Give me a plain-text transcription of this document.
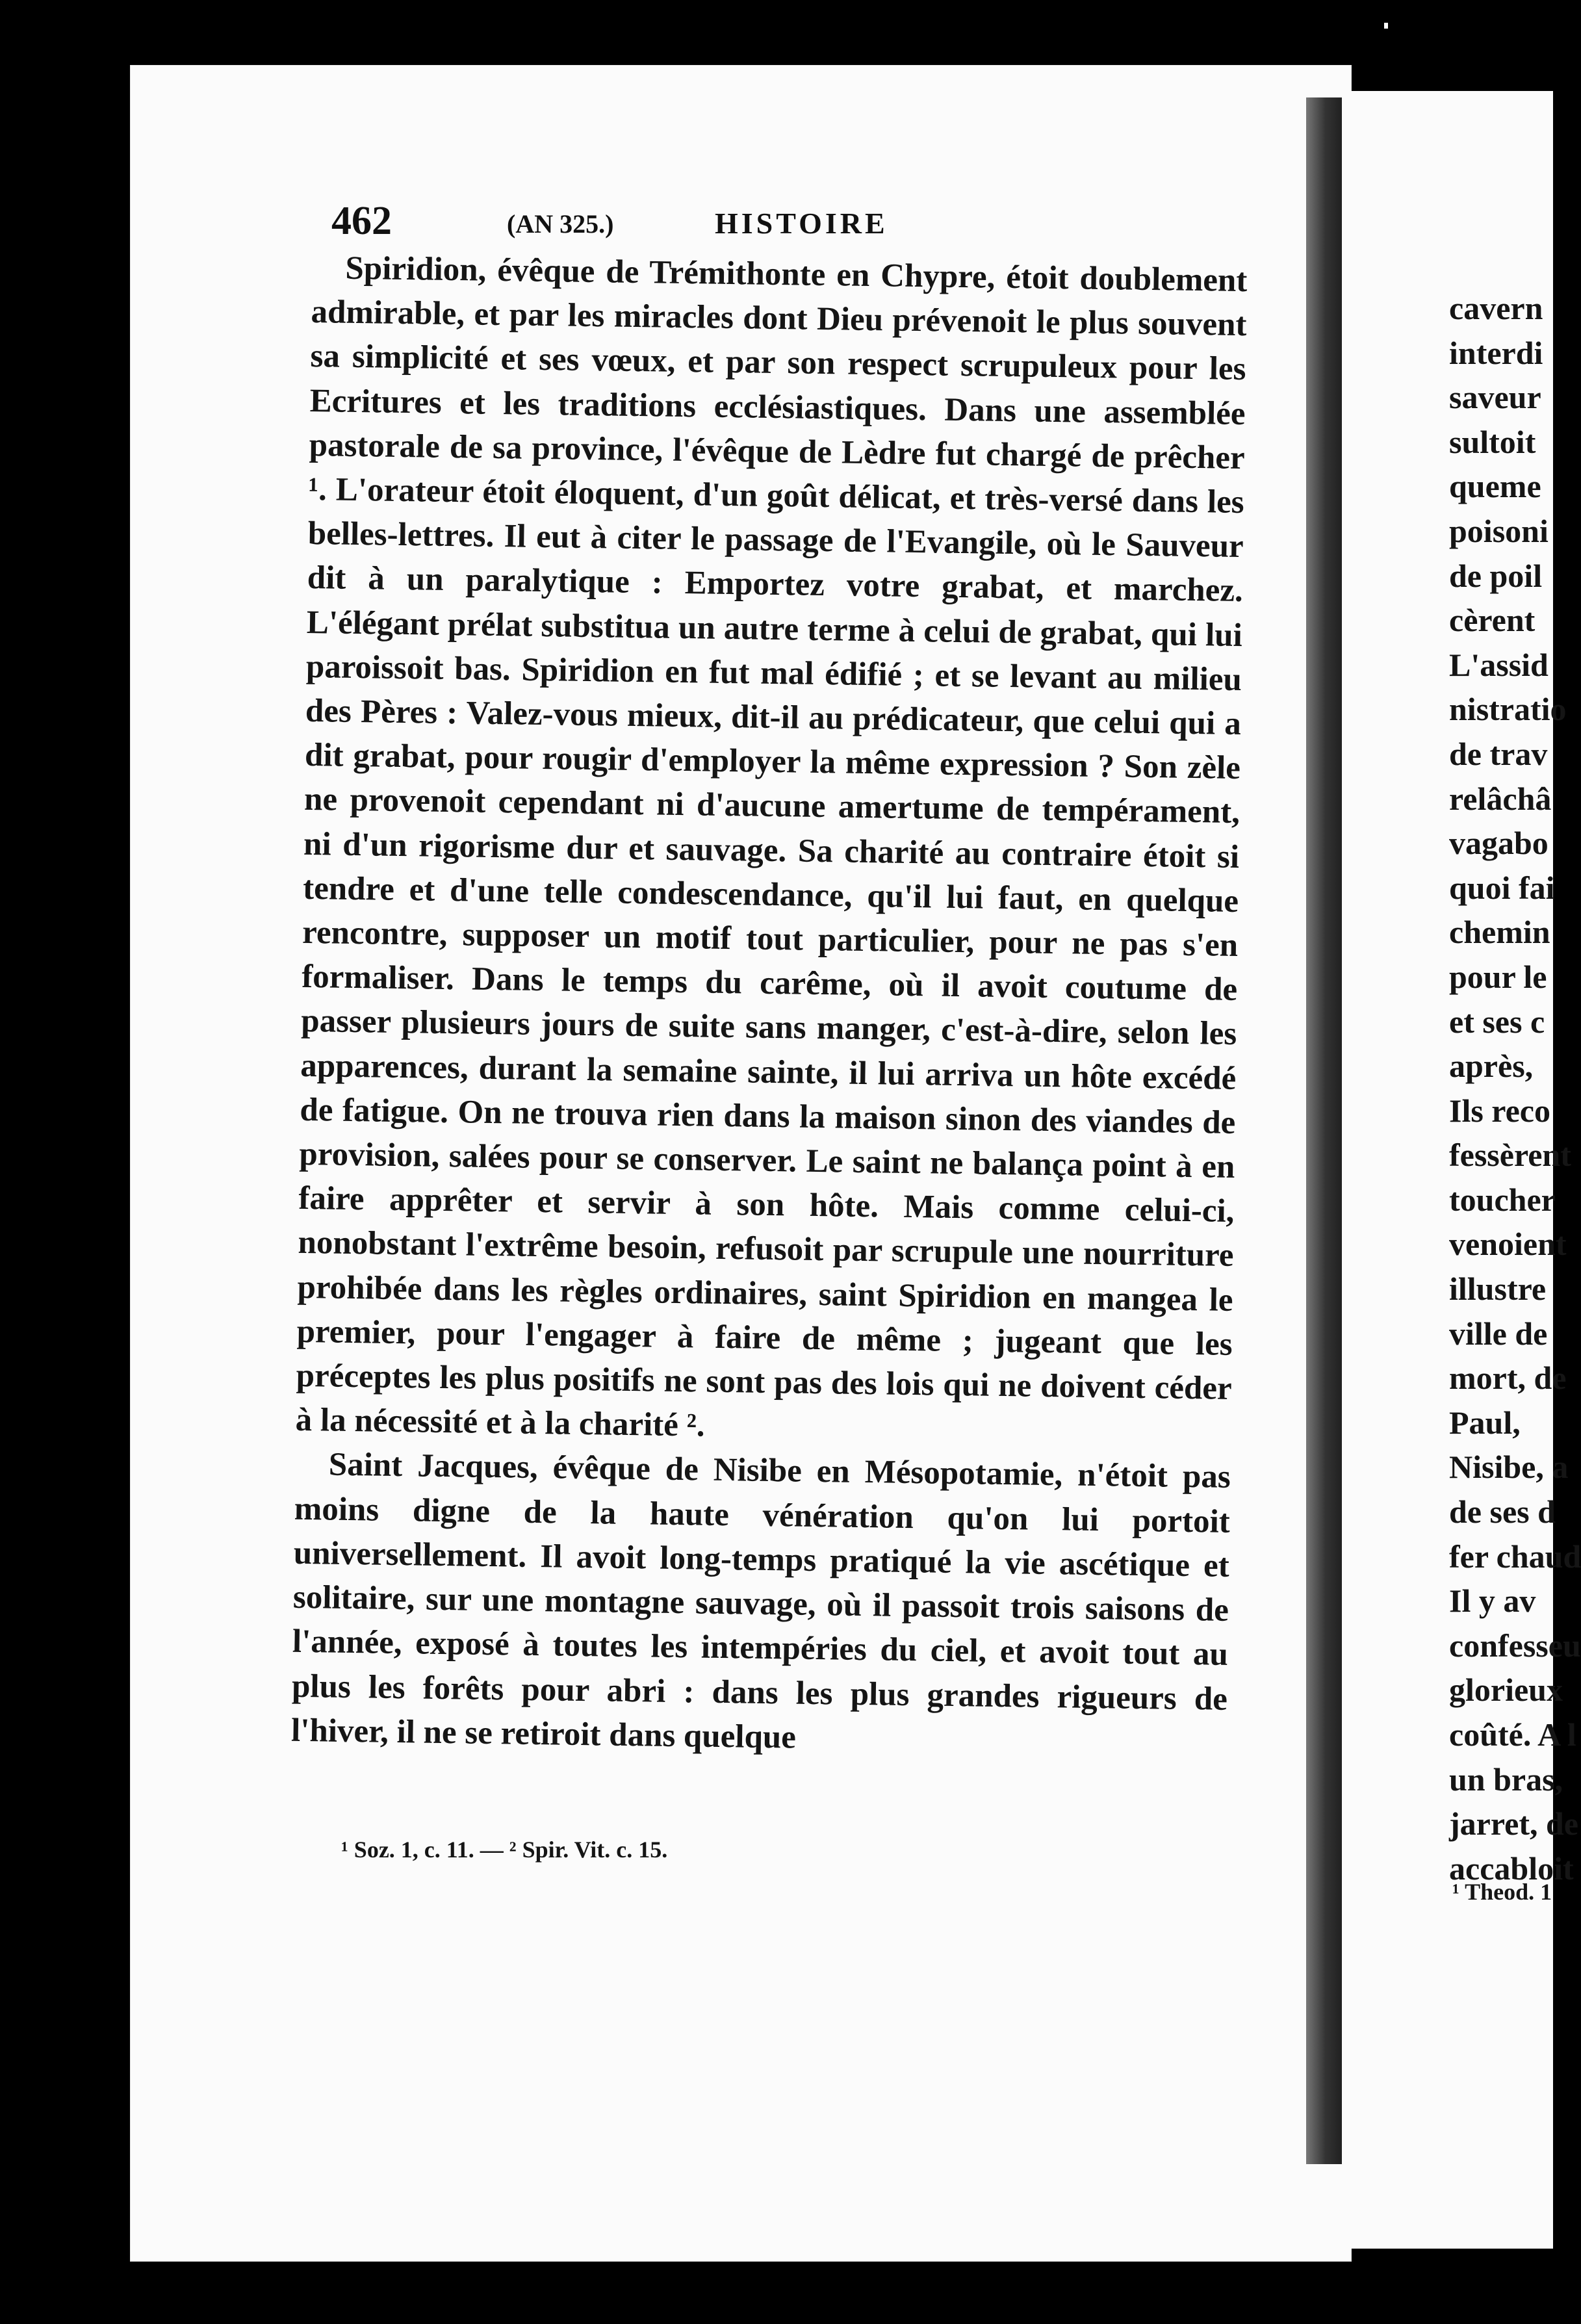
462	(AN 325.)	HISTOIRE

Spiridion, évêque de Trémithonte en Chypre, étoit doublement admirable, et par les miracles dont Dieu prévenoit le plus souvent sa simplicité et ses vœux, et par son respect scrupuleux pour les Ecritures et les traditions ecclésiastiques. Dans une assemblée pastorale de sa province, l'évêque de Lèdre fut chargé de prêcher ¹. L'orateur étoit éloquent, d'un goût délicat, et très-versé dans les belles-lettres. Il eut à citer le passage de l'Evangile, où le Sauveur dit à un paralytique : Emportez votre grabat, et marchez. L'élégant prélat substitua un autre terme à celui de grabat, qui lui paroissoit bas. Spiridion en fut mal édifié ; et se levant au milieu des Pères : Valez-vous mieux, dit-il au prédicateur, que celui qui a dit grabat, pour rougir d'employer la même expression ? Son zèle ne provenoit cependant ni d'aucune amertume de tempérament, ni d'un rigorisme dur et sauvage. Sa charité au contraire étoit si tendre et d'une telle condescendance, qu'il lui faut, en quelque rencontre, supposer un motif tout particulier, pour ne pas s'en formaliser. Dans le temps du carême, où il avoit coutume de passer plusieurs jours de suite sans manger, c'est-à-dire, selon les apparences, durant la semaine sainte, il lui arriva un hôte excédé de fatigue. On ne trouva rien dans la maison sinon des viandes de provision, salées pour se conserver. Le saint ne balança point à en faire apprêter et servir à son hôte. Mais comme celui-ci, nonobstant l'extrême besoin, refusoit par scrupule une nourriture prohibée dans les règles ordinaires, saint Spiridion en mangea le premier, pour l'engager à faire de même ; jugeant que les préceptes les plus positifs ne sont pas des lois qui ne doivent céder à la nécessité et à la charité ².

Saint Jacques, évêque de Nisibe en Mésopotamie, n'étoit pas moins digne de la haute vénération qu'on lui portoit universellement. Il avoit long-temps pratiqué la vie ascétique et solitaire, sur une montagne sauvage, où il passoit trois saisons de l'année, exposé à toutes les intempéries du ciel, et avoit tout au plus les forêts pour abri : dans les plus grandes rigueurs de l'hiver, il ne se retiroit dans quelque

¹ Soz. 1, c. 11. — ² Spir. Vit. c. 15.
cavern
interdi
saveur
sultoit
queme
poisoni
de poil
cèrent
L'assid
nistratio
de trav
relâchâ
vagabo
quoi fai
chemin
pour le
et ses c
après,
Ils reco
fessèrent
toucher
venoient
illustre
ville de
mort, de
Paul,
Nisibe, a
de ses d
fer chaud
Il y av
confesseu
glorieux
coûté. A l
un bras,
jarret, de
accabloit
¹ Theod. 1
